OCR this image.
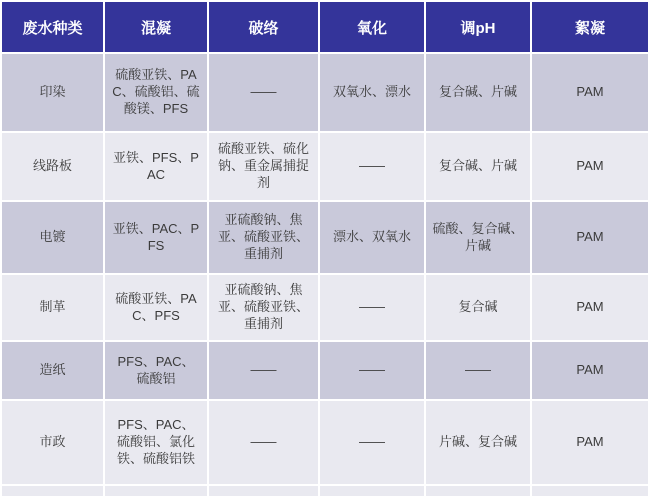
废水种类	混凝	破络	氧化	调pH	絮凝
印染	硫酸亚铁、PAC、硫酸铝、硫酸镁、PFS	——	双氧水、漂水	复合碱、片碱	PAM
线路板	亚铁、PFS、PAC	硫酸亚铁、硫化钠、重金属捕捉剂	——	复合碱、片碱	PAM
电镀	亚铁、PAC、PFS	亚硫酸钠、焦亚、硫酸亚铁、重捕剂	漂水、双氧水	硫酸、复合碱、片碱	PAM
制革	硫酸亚铁、PAC、PFS	亚硫酸钠、焦亚、硫酸亚铁、重捕剂	——	复合碱	PAM
造纸	PFS、PAC、硫酸铝	——	——	——	PAM
市政	PFS、PAC、硫酸铝、氯化铁、硫酸铝铁	——	——	片碱、复合碱	PAM
